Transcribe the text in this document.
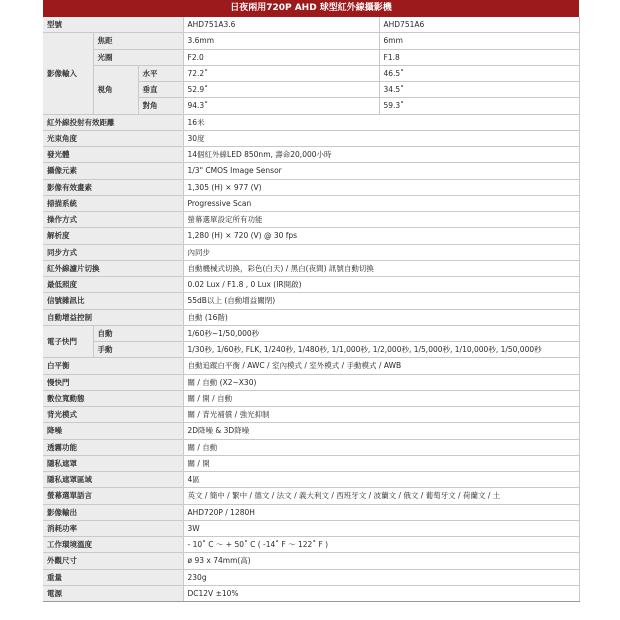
日夜兩用720P AHD 球型紅外線攝影機
型號			AHD751A3.6	AHD751A6
影像輸入	焦距		3.6mm	6mm
	光圈		F2.0	F1.8
	視角	水平	72.2˚	46.5˚
		垂直	52.9˚	34.5˚
		對角	94.3˚	59.3˚
紅外線投射有效距離			16米	
光束角度			30度	
發光體			14個紅外線LED 850nm, 壽命20,000小時	
攝像元素			1/3" CMOS Image Sensor	
影像有效畫素			1,305 (H) × 977 (V)	
掃描系統			Progressive Scan	
操作方式			螢幕選單設定所有功能	
解析度			1,280 (H) × 720 (V) @ 30 fps	
同步方式			內同步	
紅外線濾片切換			自動機械式切換，彩色(白天) / 黑白(夜間) 訊號自動切換	
最低照度			0.02 Lux / F1.8 , 0 Lux (IR開啟)	
信號雜訊比			55dB以上 (自動增益關閉)	
自動增益控制			自動 (16階)	
電子快門	自動		1/60秒~1/50,000秒	
	手動		1/30秒, 1/60秒, FLK, 1/240秒, 1/480秒, 1/1,000秒, 1/2,000秒, 1/5,000秒, 1/10,000秒, 1/50,000秒	
白平衡			自動追蹤白平衡 / AWC / 室內模式 / 室外模式 / 手動模式 / AWB	
慢快門			關 / 自動 (X2~X30)	
數位寬動態			關 / 開 / 自動	
背光模式			關 / 背光補償 / 強光抑制	
降噪			2D降噪 & 3D降噪	
透霧功能			關 / 自動	
隱私遮罩			關 / 開	
隱私遮罩區域			4區	
螢幕選單語言			英文 / 簡中 / 繁中 / 德文 / 法文 / 義大利文 / 西班牙文 / 波蘭文 / 俄文 / 葡萄牙文 / 荷蘭文 / 土	
影像輸出			AHD720P / 1280H	
消耗功率			3W	
工作環境溫度			- 10˚ C ～ + 50˚ C ( -14˚ F ～ 122˚ F )	
外觀尺寸			ø 93 x 74mm(高)	
重量			230g	
電源			DC12V ±10%	
